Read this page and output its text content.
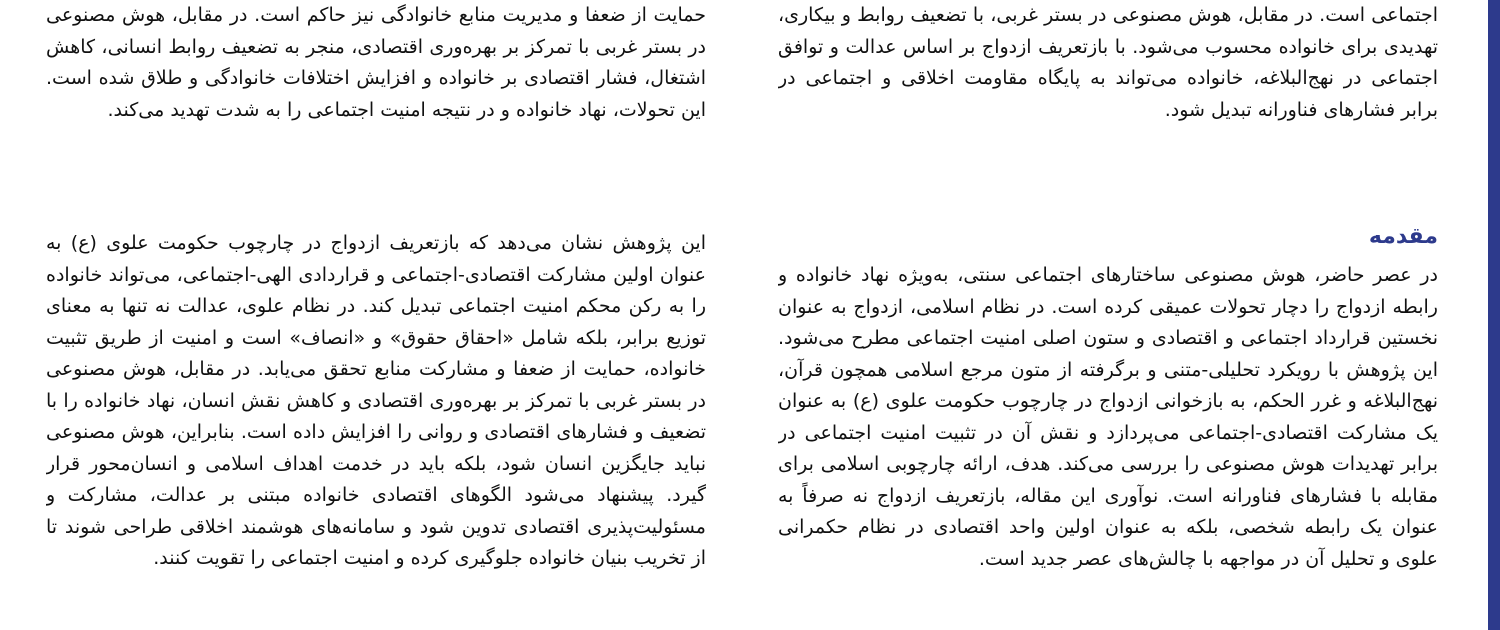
اجتماعی است. در مقابل، هوش مصنوعی در بستر غربی، با تضعیف روابط و بیکاری، تهدیدی برای خانواده محسوب می‌شود. با بازتعریف ازدواج بر اساس عدالت و توافق اجتماعی در نهج‌البلاغه، خانواده می‌تواند به پایگاه مقاومت اخلاقی و اجتماعی در برابر فشارهای فناورانه تبدیل شود.

حمایت از ضعفا و مدیریت منابع خانوادگی نیز حاکم است. در مقابل، هوش مصنوعی در بستر غربی با تمرکز بر بهره‌وری اقتصادی، منجر به تضعیف روابط انسانی، کاهش اشتغال، فشار اقتصادی بر خانواده و افزایش اختلافات خانوادگی و طلاق شده است. این تحولات، نهاد خانواده و در نتیجه امنیت اجتماعی را به شدت تهدید می‌کند.

مقدمه

در عصر حاضر، هوش مصنوعی ساختارهای اجتماعی سنتی، به‌ویژه نهاد خانواده و رابطه ازدواج را دچار تحولات عمیقی کرده است. در نظام اسلامی، ازدواج به عنوان نخستین قرارداد اجتماعی و اقتصادی و ستون اصلی امنیت اجتماعی مطرح می‌شود. این پژوهش با رویکرد تحلیلی-متنی و برگرفته از متون مرجع اسلامی همچون قرآن، نهج‌البلاغه و غرر الحکم، به بازخوانی ازدواج در چارچوب حکومت علوی (ع) به عنوان یک مشارکت اقتصادی-اجتماعی می‌پردازد و نقش آن در تثبیت امنیت اجتماعی در برابر تهدیدات هوش مصنوعی را بررسی می‌کند. هدف، ارائه چارچوبی اسلامی برای مقابله با فشارهای فناورانه است. نوآوری این مقاله، بازتعریف ازدواج نه صرفاً به عنوان یک رابطه شخصی، بلکه به عنوان اولین واحد اقتصادی در نظام حکمرانی علوی و تحلیل آن در مواجهه با چالش‌های عصر جدید است.

این پژوهش نشان می‌دهد که بازتعریف ازدواج در چارچوب حکومت علوی (ع) به عنوان اولین مشارکت اقتصادی-اجتماعی و قراردادی الهی-اجتماعی، می‌تواند خانواده را به رکن محکم امنیت اجتماعی تبدیل کند. در نظام علوی، عدالت نه تنها به معنای توزیع برابر، بلکه شامل «احقاق حقوق» و «انصاف» است و امنیت از طریق تثبیت خانواده، حمایت از ضعفا و مشارکت منابع تحقق می‌یابد. در مقابل، هوش مصنوعی در بستر غربی با تمرکز بر بهره‌وری اقتصادی و کاهش نقش انسان، نهاد خانواده را با تضعیف و فشارهای اقتصادی و روانی را افزایش داده است. بنابراین، هوش مصنوعی نباید جایگزین انسان شود، بلکه باید در خدمت اهداف اسلامی و انسان‌محور قرار گیرد. پیشنهاد می‌شود الگوهای اقتصادی خانواده مبتنی بر عدالت، مشارکت و مسئولیت‌پذیری اقتصادی تدوین شود و سامانه‌های هوشمند اخلاقی طراحی شوند تا از تخریب بنیان خانواده جلوگیری کرده و امنیت اجتماعی را تقویت کنند.
